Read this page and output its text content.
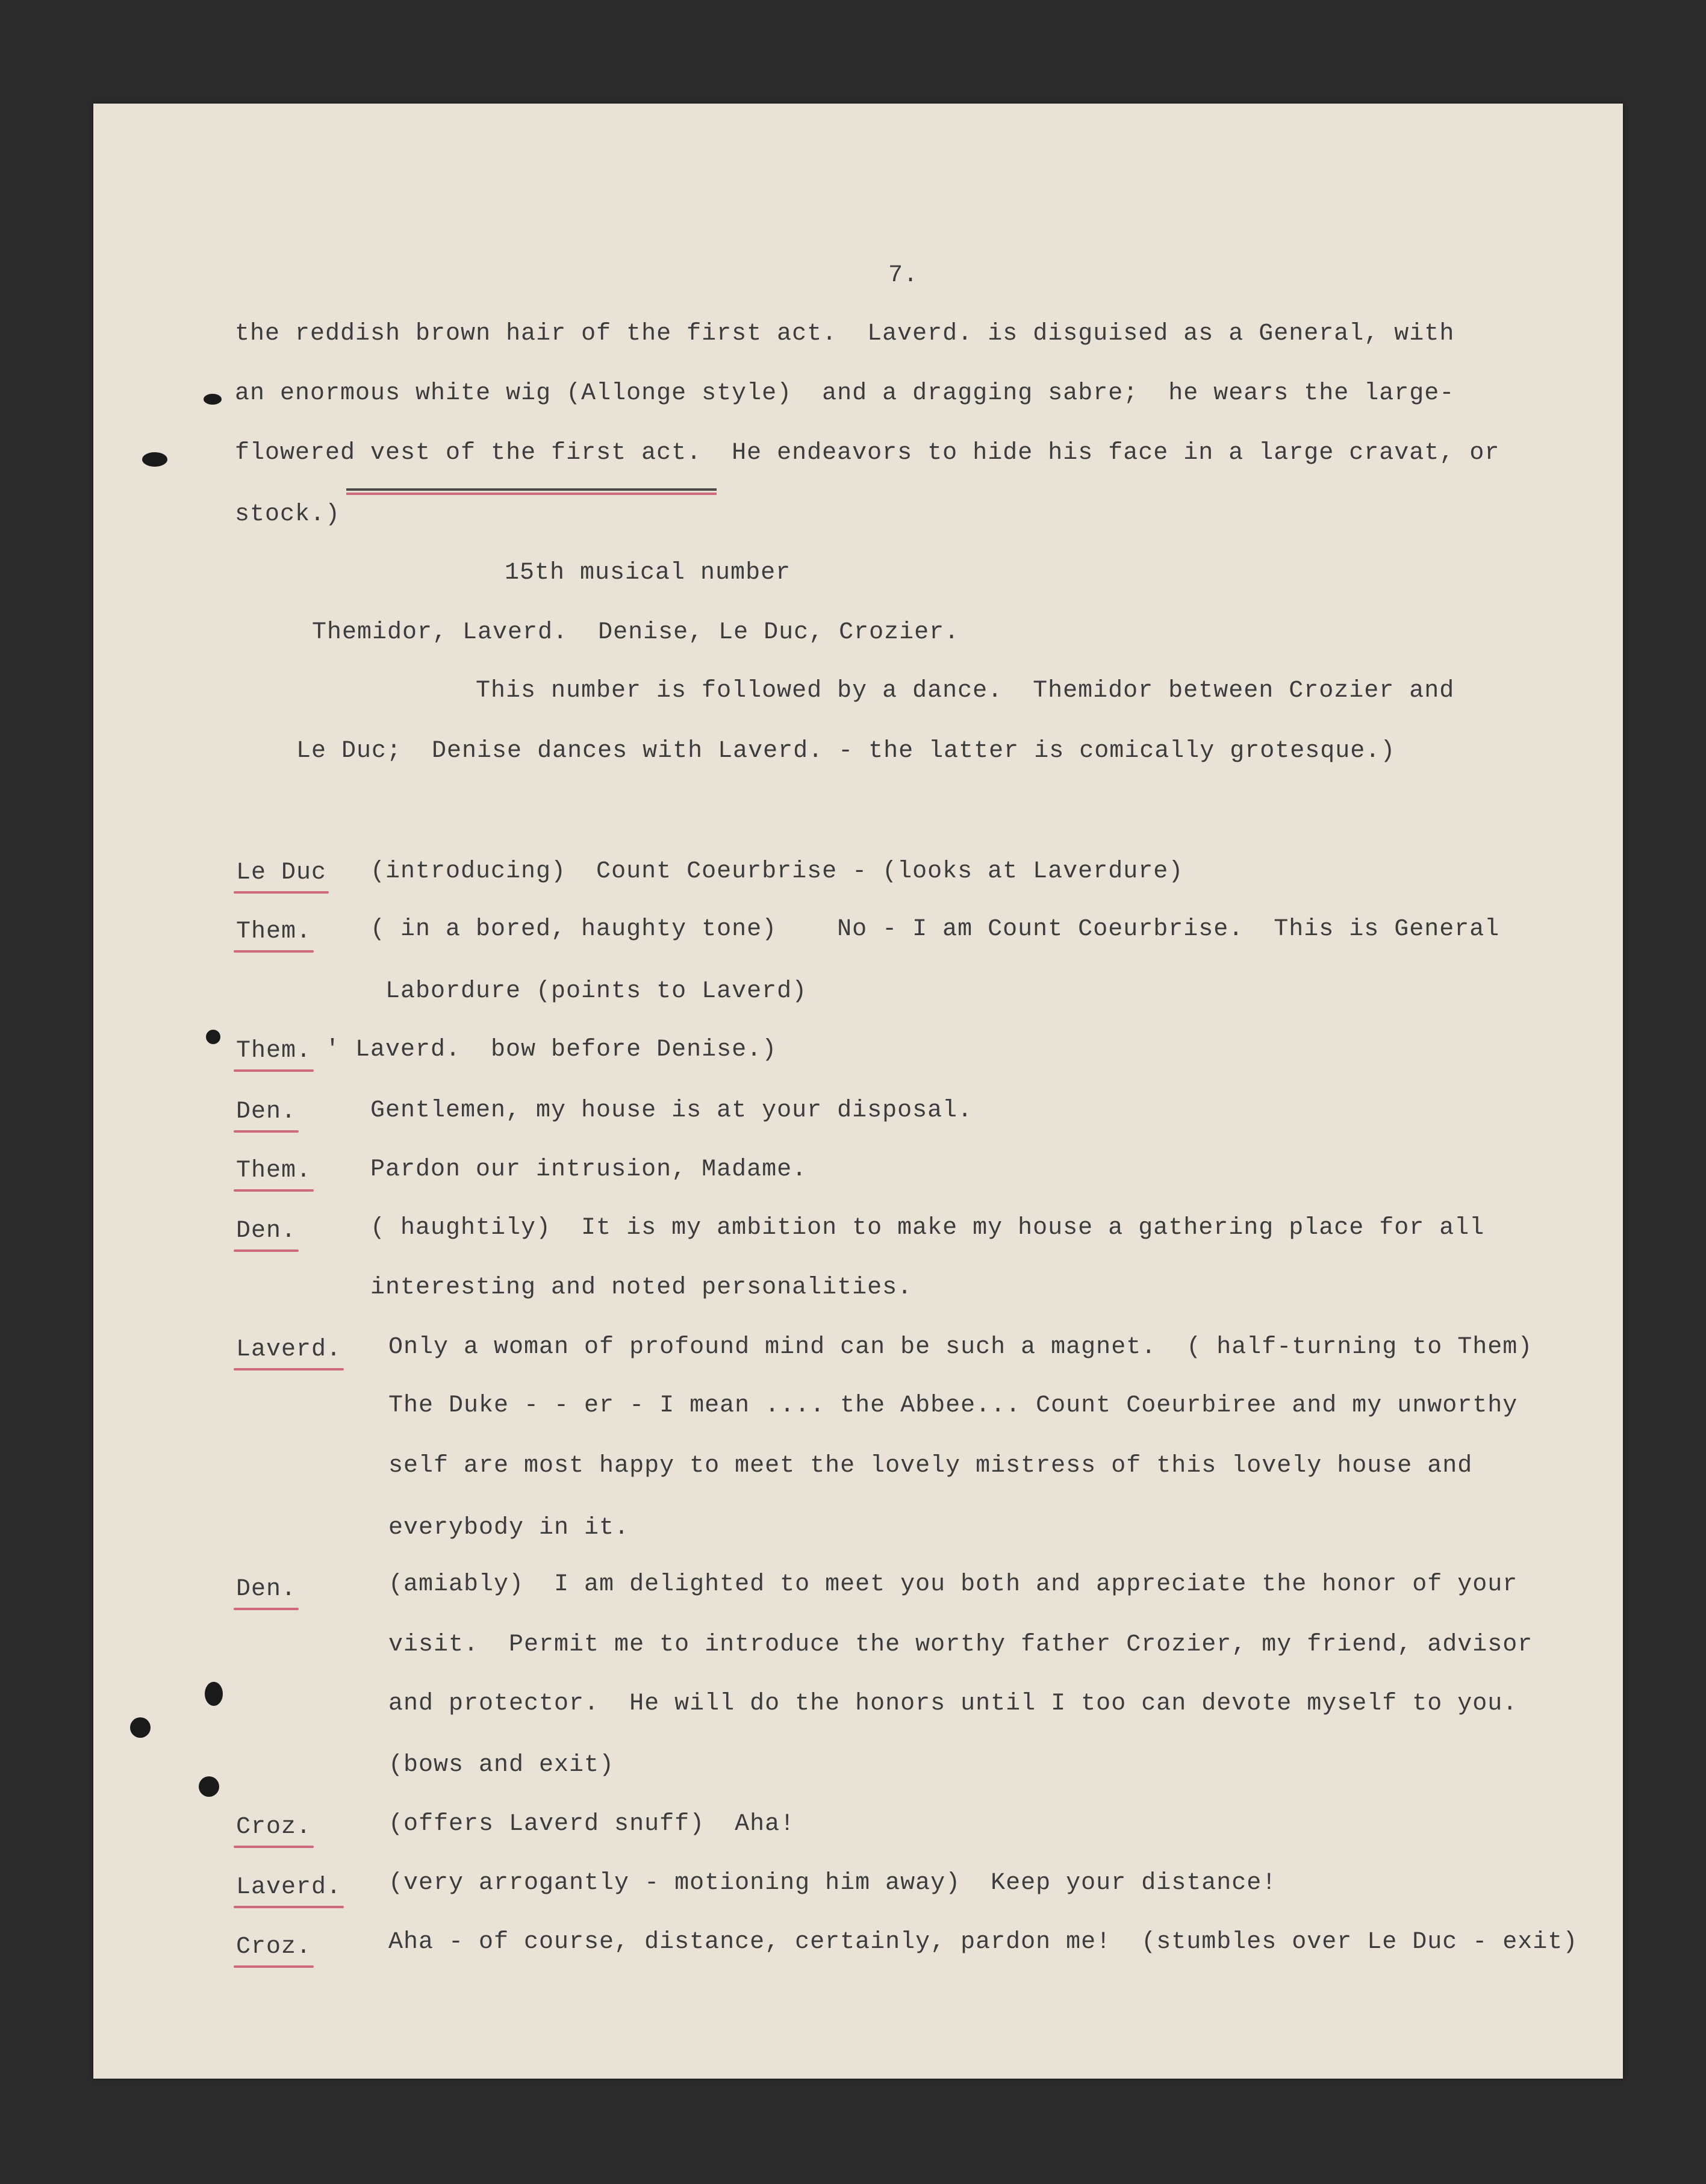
7.
the reddish brown hair of the first act.  Laverd. is disguised as a General, with
an enormous white wig (Allonge style)  and a dragging sabre;  he wears the large-
flowered vest of the first act.  He endeavors to hide his face in a large cravat, or
stock.)
15th musical number
Themidor, Laverd.  Denise, Le Duc, Crozier.
This number is followed by a dance.  Themidor between Crozier and
Le Duc;  Denise dances with Laverd. - the latter is comically grotesque.)
Le Duc (introducing)  Count Coeurbrise - (looks at Laverdure)
Them. ( in a bored, haughty tone)    No - I am Count Coeurbrise.  This is General
Labordure (points to Laverd)
Them. ' Laverd.  bow before Denise.)
Den.	Gentlemen, my house is at your disposal.
Them. Pardon our intrusion, Madame.
Den.	( haughtily)  It is my ambition to make my house a gathering place for all
interesting and noted personalities.
Laverd. Only a woman of profound mind can be such a magnet.  ( half-turning to Them)
The Duke - - er - I mean .... the Abbee... Count Coeurbiree and my unworthy
self are most happy to meet the lovely mistress of this lovely house and
everybody in it.
Den.	(amiably)  I am delighted to meet you both and appreciate the honor of your
visit.  Permit me to introduce the worthy father Crozier, my friend, advisor
and protector.  He will do the honors until I too can devote myself to you.
(bows and exit)
Croz.	(offers Laverd snuff)  Aha!
Laverd. (very arrogantly - motioning him away)  Keep your distance!
Croz.	Aha - of course, distance, certainly, pardon me!  (stumbles over Le Duc - exit)
